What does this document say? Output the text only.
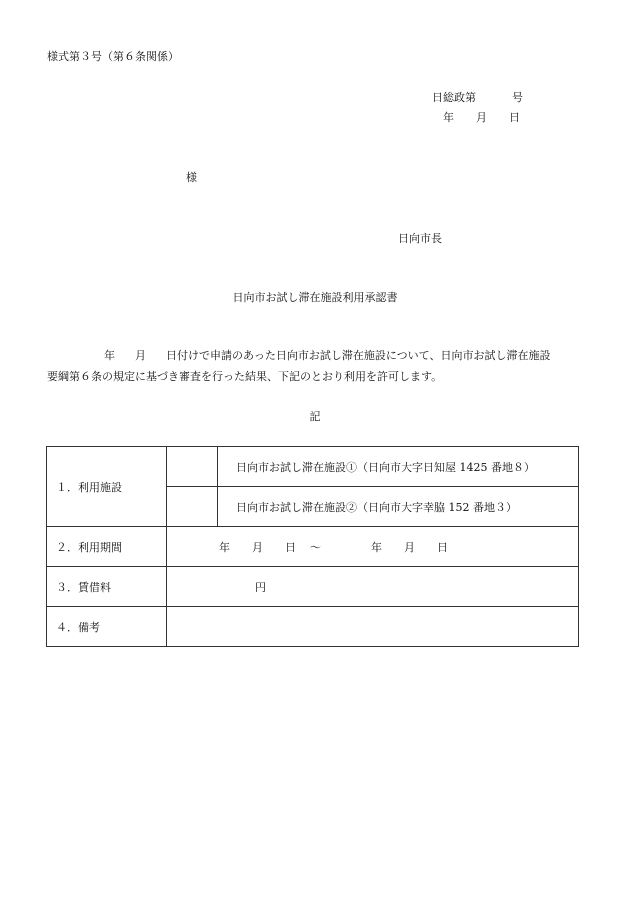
様式第３号（第６条関係）
日総政第	号
年 月 日
様
日向市長
日向市お試し滞在施設利用承認書
年 月 日付けで申請のあった日向市お試し滞在施設について、日向市お試し滞在施設
要綱第６条の規定に基づき審査を行った結果、下記のとおり利用を許可します。
記
１．利用施設		日向市お試し滞在施設①（日向市大字日知屋 1425 番地８）
		日向市お試し滞在施設②（日向市大字幸脇 152 番地３）
２．利用期間	年 月 日 ～ 年 月 日	
３．賃借料	円	
４．備考		
